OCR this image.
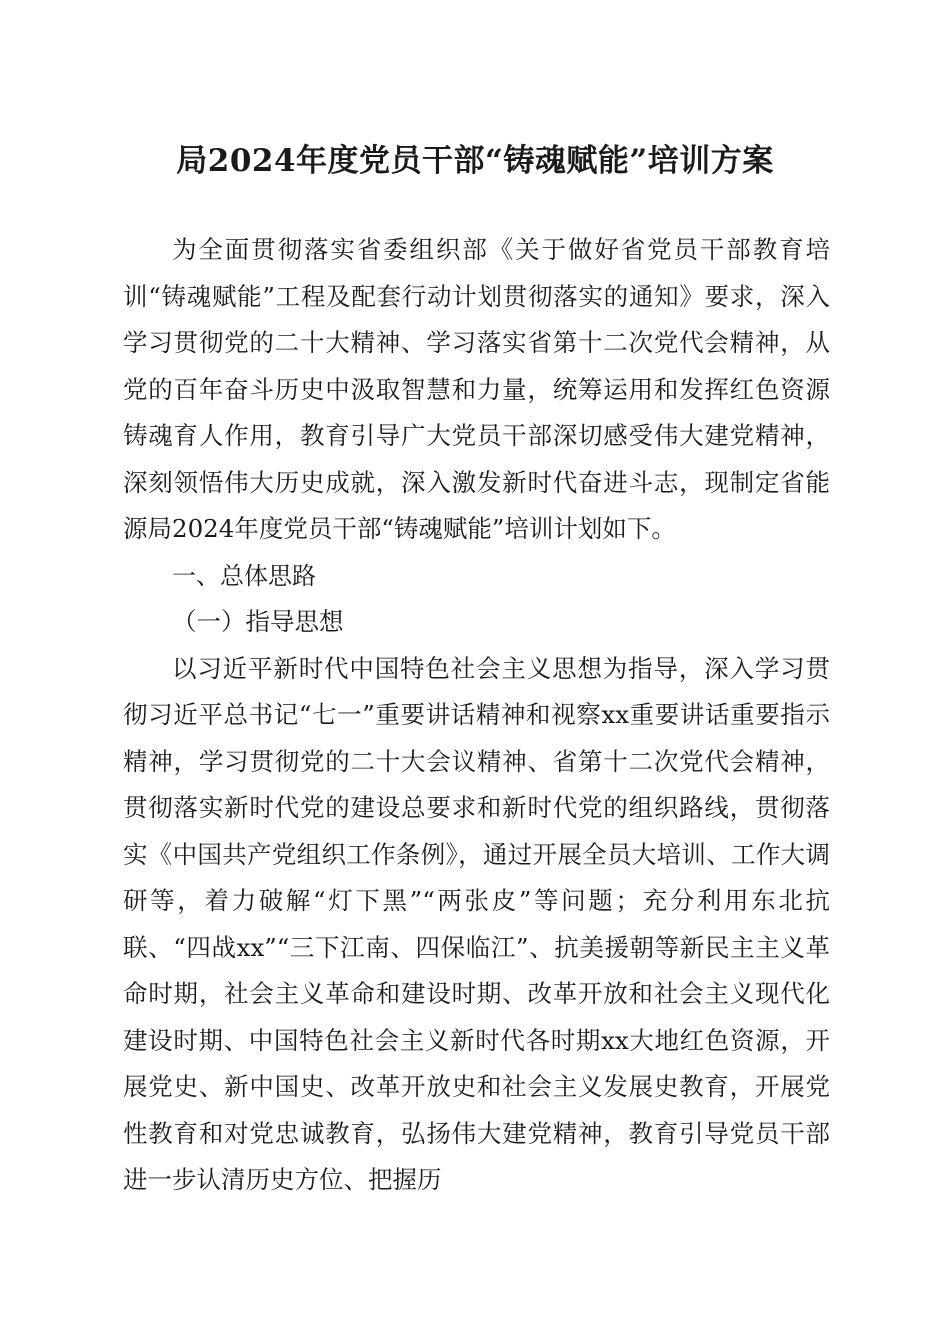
局2024年度党员干部“铸魂赋能”培训方案

为全面贯彻落实省委组织部《关于做好省党员干部教育培训“铸魂赋能”工程及配套行动计划贯彻落实的通知》要求，深入学习贯彻党的二十大精神、学习落实省第十二次党代会精神，从党的百年奋斗历史中汲取智慧和力量，统筹运用和发挥红色资源铸魂育人作用，教育引导广大党员干部深切感受伟大建党精神，深刻领悟伟大历史成就，深入激发新时代奋进斗志，现制定省能源局2024年度党员干部“铸魂赋能”培训计划如下。

一、总体思路

（一）指导思想

以习近平新时代中国特色社会主义思想为指导，深入学习贯彻习近平总书记“七一”重要讲话精神和视察xx重要讲话重要指示精神，学习贯彻党的二十大会议精神、省第十二次党代会精神，贯彻落实新时代党的建设总要求和新时代党的组织路线，贯彻落实《中国共产党组织工作条例》，通过开展全员大培训、工作大调研等，着力破解“灯下黑”“两张皮”等问题；充分利用东北抗联、“四战xx”“三下江南、四保临江”、抗美援朝等新民主主义革命时期，社会主义革命和建设时期、改革开放和社会主义现代化建设时期、中国特色社会主义新时代各时期xx大地红色资源，开展党史、新中国史、改革开放史和社会主义发展史教育，开展党性教育和对党忠诚教育，弘扬伟大建党精神，教育引导党员干部进一步认清历史方位、把握历
